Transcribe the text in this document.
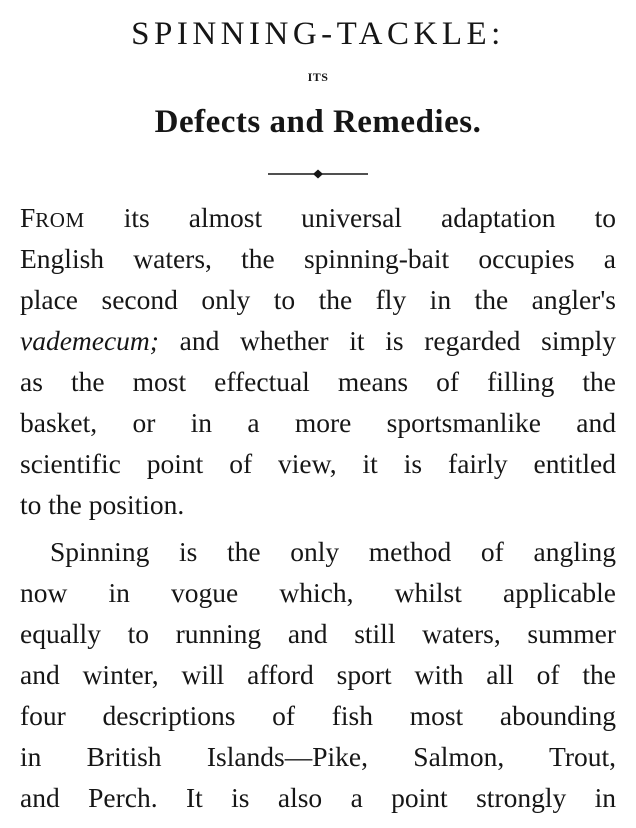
SPINNING-TACKLE:
ITS
Defects and Remedies.
FROM its almost universal adaptation to
English waters, the spinning-bait occupies a
place second only to the fly in the angler's
vademecum; and whether it is regarded simply
as the most effectual means of filling the
basket, or in a more sportsmanlike and
scientific point of view, it is fairly entitled
to the position.
Spinning is the only method of angling
now in vogue which, whilst applicable
equally to running and still waters, summer
and winter, will afford sport with all of the
four descriptions of fish most abounding
in British Islands—Pike, Salmon, Trout,
and Perch. It is also a point strongly in
